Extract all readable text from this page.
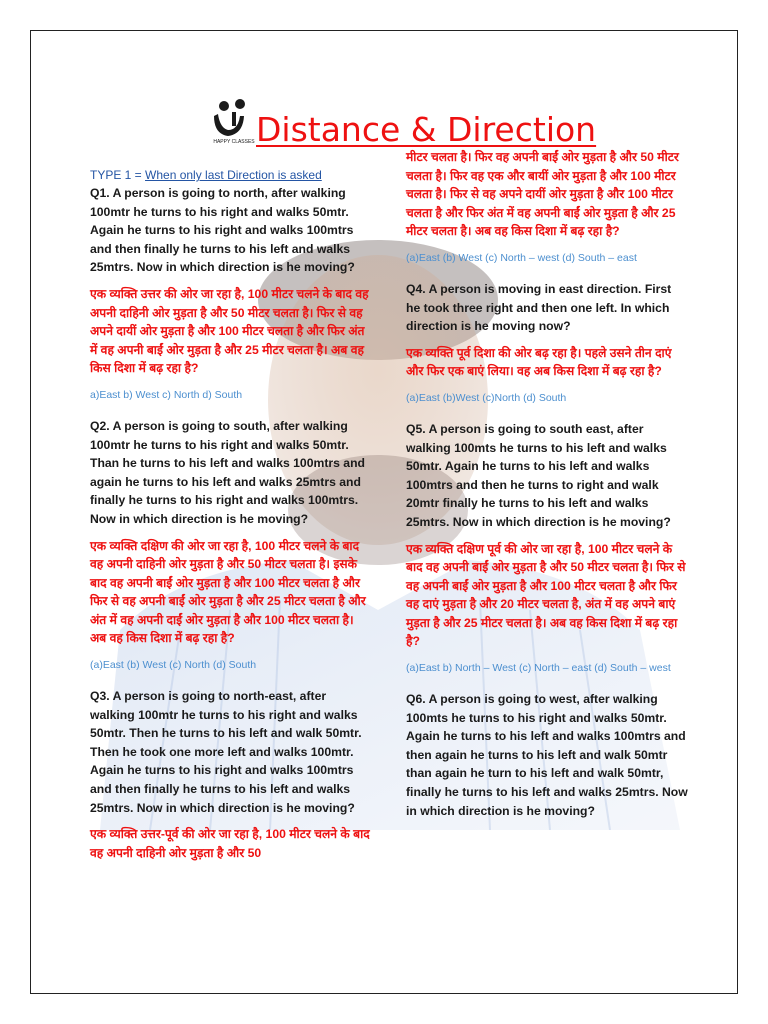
HAPPY CLASSES Distance & Direction
TYPE 1 = When only last Direction is asked

Q1. A person is going to north, after walking 100mtr he turns to his right and walks 50mtr. Again he turns to his right and walks 100mtrs and then finally he turns to his left and walks 25mtrs. Now in which direction is he moving?

एक व्यक्ति उत्तर की ओर जा रहा है, 100 मीटर चलने के बाद वह अपनी दाहिनी ओर मुड़ता है और 50 मीटर चलता है। फिर से वह अपने दायीं ओर मुड़ता है और 100 मीटर चलता है और फिर अंत में वह अपनी बाईं ओर मुड़ता है और 25 मीटर चलता है। अब वह किस दिशा में बढ़ रहा है?

a)East b) West c) North d) South

Q2. A person is going to south, after walking 100mtr he turns to his right and walks 50mtr. Than he turns to his left and walks 100mtrs and again he turns to his left and walks 25mtrs and finally he turns to his right and walks 100mtrs. Now in which direction is he moving?

एक व्यक्ति दक्षिण की ओर जा रहा है, 100 मीटर चलने के बाद वह अपनी दाहिनी ओर मुड़ता है और 50 मीटर चलता है। इसके बाद वह अपनी बाईं ओर मुड़ता है और 100 मीटर चलता है और फिर से वह अपनी बाईं ओर मुड़ता है और 25 मीटर चलता है और अंत में वह अपनी दाईं ओर मुड़ता है और 100 मीटर चलता है। अब वह किस दिशा में बढ़ रहा है?

(a)East (b) West (c) North (d) South

Q3. A person is going to north-east, after walking 100mtr he turns to his right and walks 50mtr. Then he turns to his left and walk 50mtr. Then he took one more left and walks 100mtr. Again he turns to his right and walks 100mtrs and then finally he turns to his left and walks 25mtrs. Now in which direction is he moving?

एक व्यक्ति उत्तर-पूर्व की ओर जा रहा है, 100 मीटर चलने के बाद वह अपनी दाहिनी ओर मुड़ता है और 50

मीटर चलता है। फिर वह अपनी बाईं ओर मुड़ता है और 50 मीटर चलता है। फिर वह एक और बायीं ओर मुड़ता है और 100 मीटर चलता है। फिर से वह अपने दायीं ओर मुड़ता है और 100 मीटर चलता है और फिर अंत में वह अपनी बाईं ओर मुड़ता है और 25 मीटर चलता है। अब वह किस दिशा में बढ़ रहा है?

(a)East (b) West (c) North – west (d) South – east

Q4. A person is moving in east direction. First he took three right and then one left. In which direction is he moving now?

एक व्यक्ति पूर्व दिशा की ओर बढ़ रहा है। पहले उसने तीन दाएं और फिर एक बाएं लिया। वह अब किस दिशा में बढ़ रहा है?

(a)East (b)West (c)North (d) South

Q5. A person is going to south east, after walking 100mts he turns to his left and walks 50mtr. Again he turns to his left and walks 100mtrs and then he turns to right and walk 20mtr finally he turns to his left and walks 25mtrs. Now in which direction is he moving?

एक व्यक्ति दक्षिण पूर्व की ओर जा रहा है, 100 मीटर चलने के बाद वह अपनी बाईं ओर मुड़ता है और 50 मीटर चलता है। फिर से वह अपनी बाईं ओर मुड़ता है और 100 मीटर चलता है और फिर वह दाएं मुड़ता है और 20 मीटर चलता है, अंत में वह अपने बाएं मुड़ता है और 25 मीटर चलता है। अब वह किस दिशा में बढ़ रहा है?

(a)East b) North – West (c) North – east (d) South – west

Q6. A person is going to west, after walking 100mts he turns to his right and walks 50mtr. Again he turns to his left and walks 100mtrs and then again he turns to his left and walk 50mtr than again he turn to his left and walk 50mtr, finally he turns to his left and walks 25mtrs. Now in which direction is he moving?
